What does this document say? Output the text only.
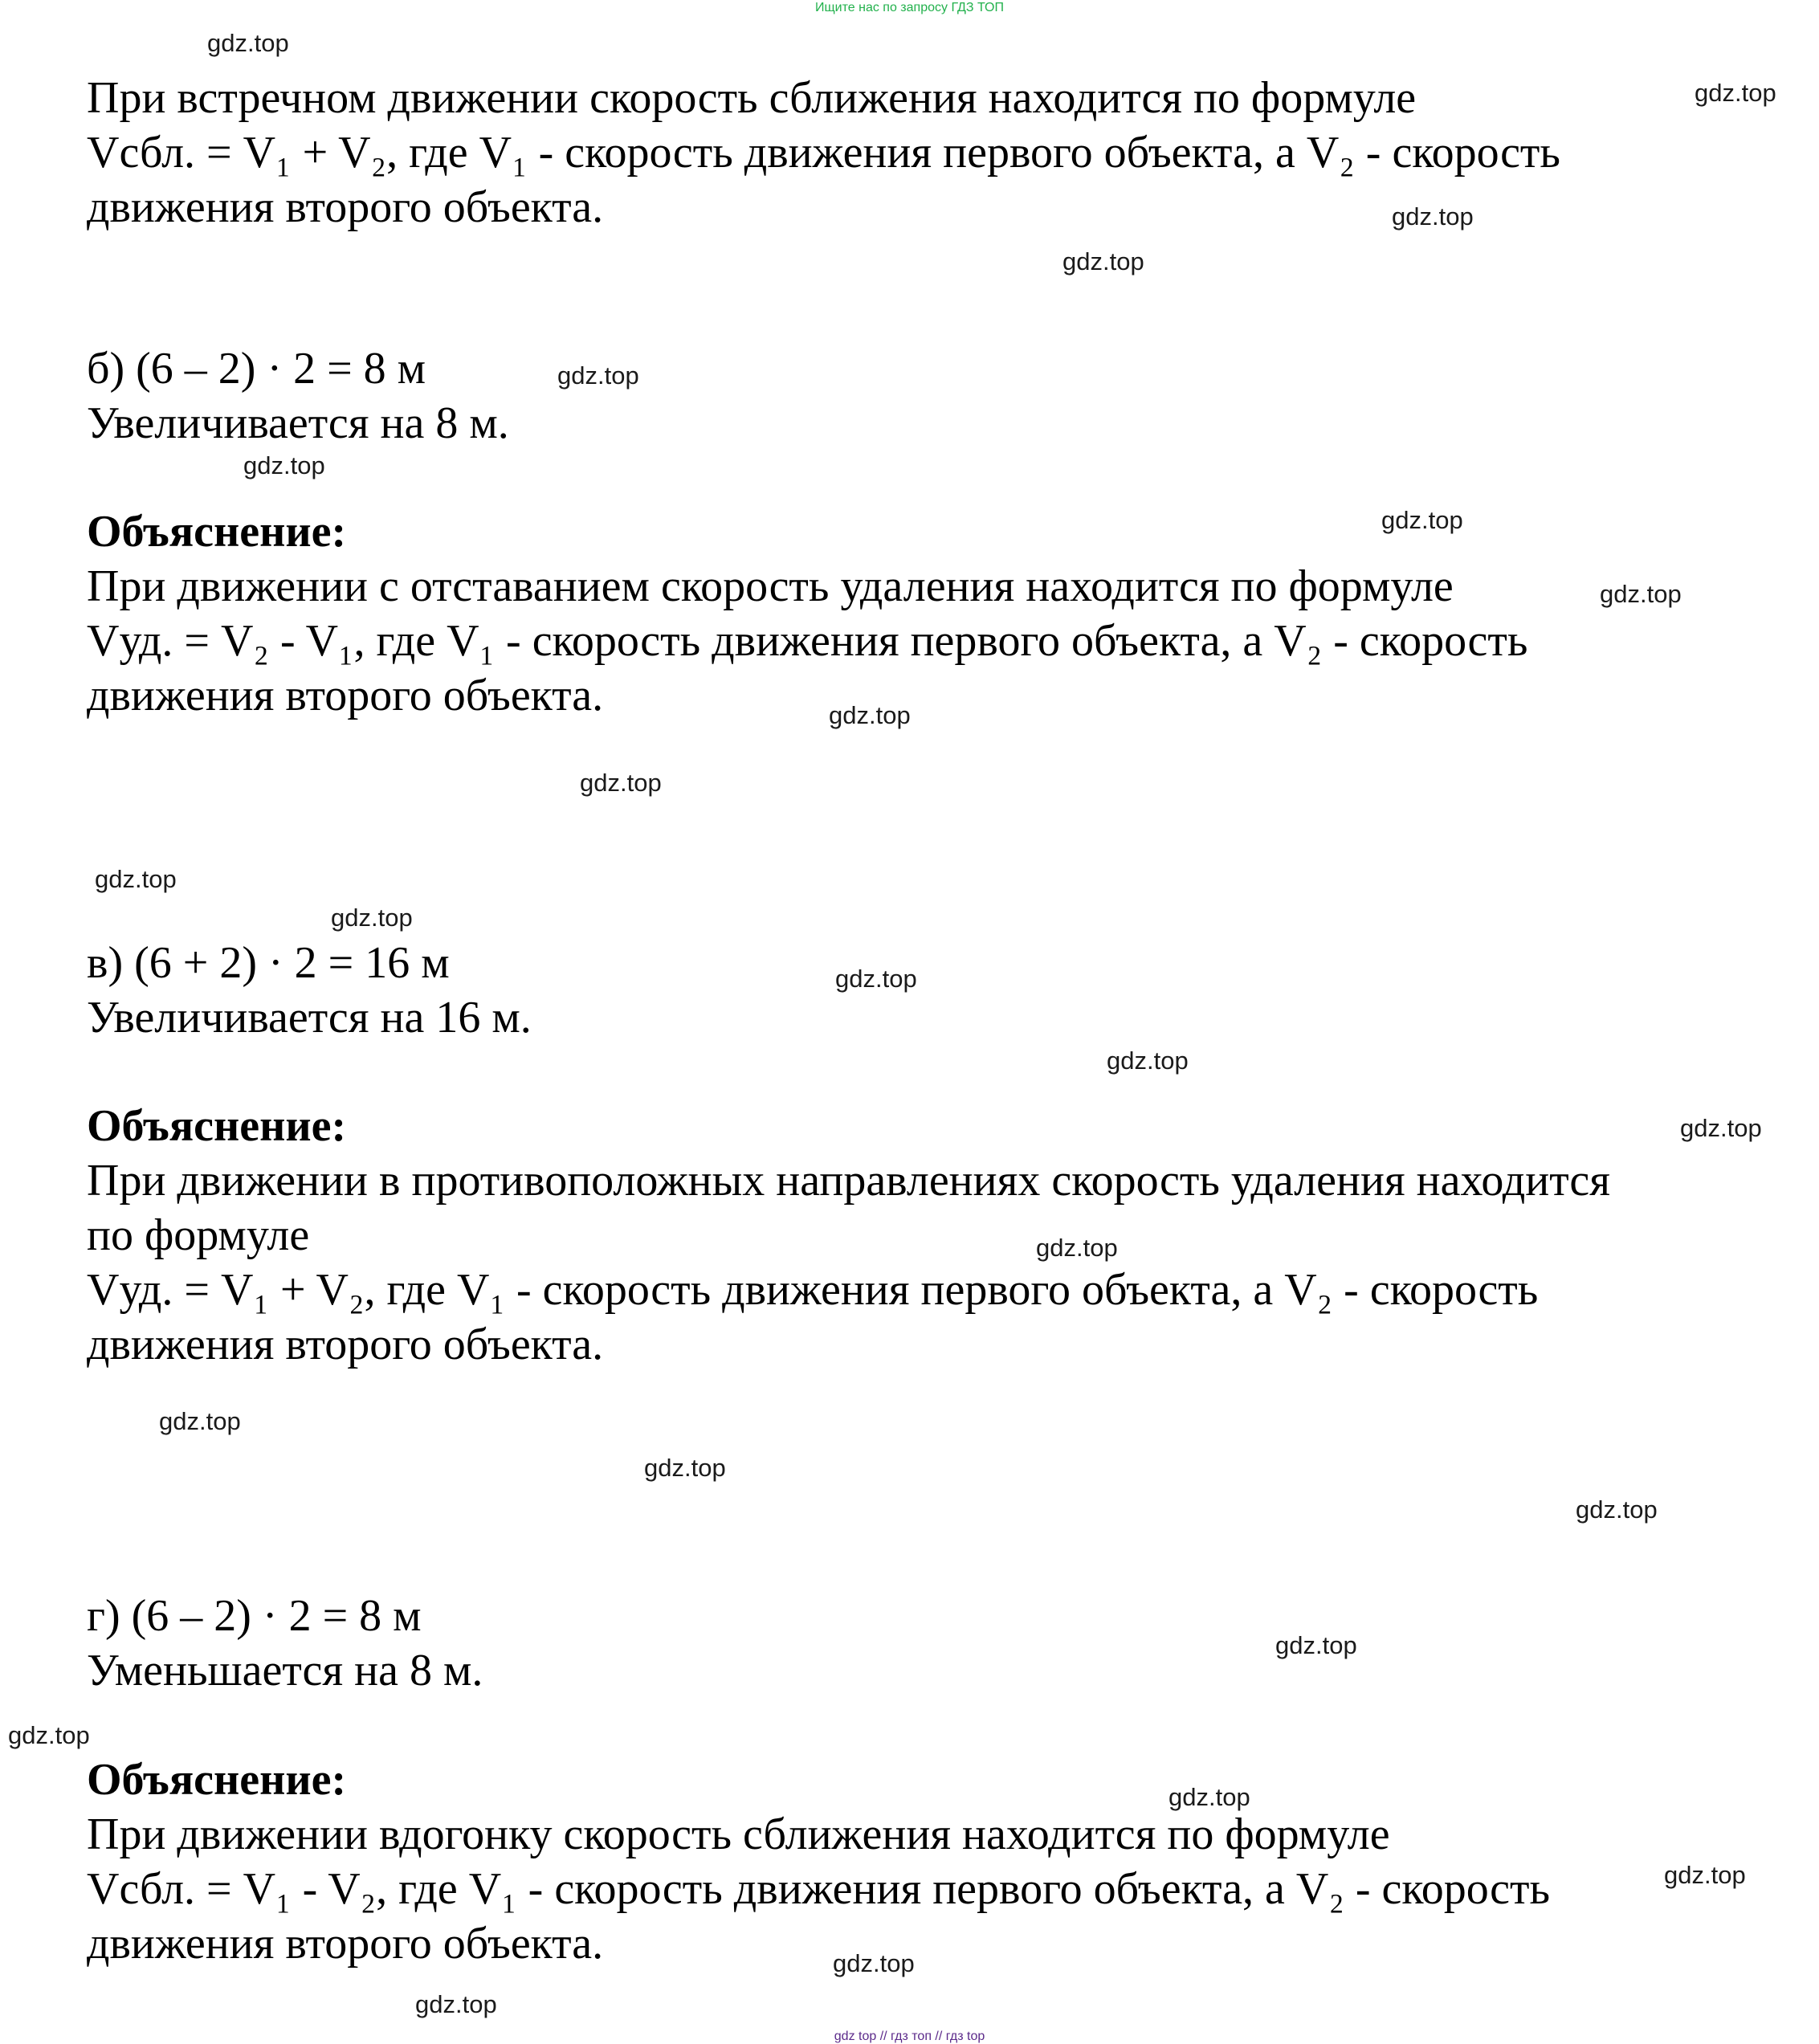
Ищите нас по запросу ГДЗ ТОП
При встречном движении скорость сближения находится по формуле
Vсбл. = V₁ + V₂, где V₁ - скорость движения первого объекта, а V₂ - скорость
движения второго объекта.
б) (6 – 2) · 2 = 8 м
Увеличивается на 8 м.
Объяснение:
При движении с отставанием скорость удаления находится по формуле
Vуд. = V₂ - V₁, где V₁ - скорость движения первого объекта, а V₂ - скорость
движения второго объекта.
в) (6 + 2) · 2 = 16 м
Увеличивается на 16 м.
Объяснение:
При движении в противоположных направлениях скорость удаления находится
по формуле
Vуд. = V₁ + V₂, где V₁ - скорость движения первого объекта, а V₂ - скорость
движения второго объекта.
г) (6 – 2) · 2 = 8 м
Уменьшается на 8 м.
Объяснение:
При движении вдогонку скорость сближения находится по формуле
Vсбл. = V₁ - V₂, где V₁ - скорость движения первого объекта, а V₂ - скорость
движения второго объекта.
gdz.top
gdz.top
gdz.top
gdz.top
gdz.top
gdz.top
gdz.top
gdz.top
gdz.top
gdz.top
gdz.top
gdz.top
gdz.top
gdz.top
gdz.top
gdz.top
gdz.top
gdz.top
gdz.top
gdz.top
gdz.top
gdz.top
gdz.top
gdz.top
gdz.top
gdz top // гдз топ // гдз top
